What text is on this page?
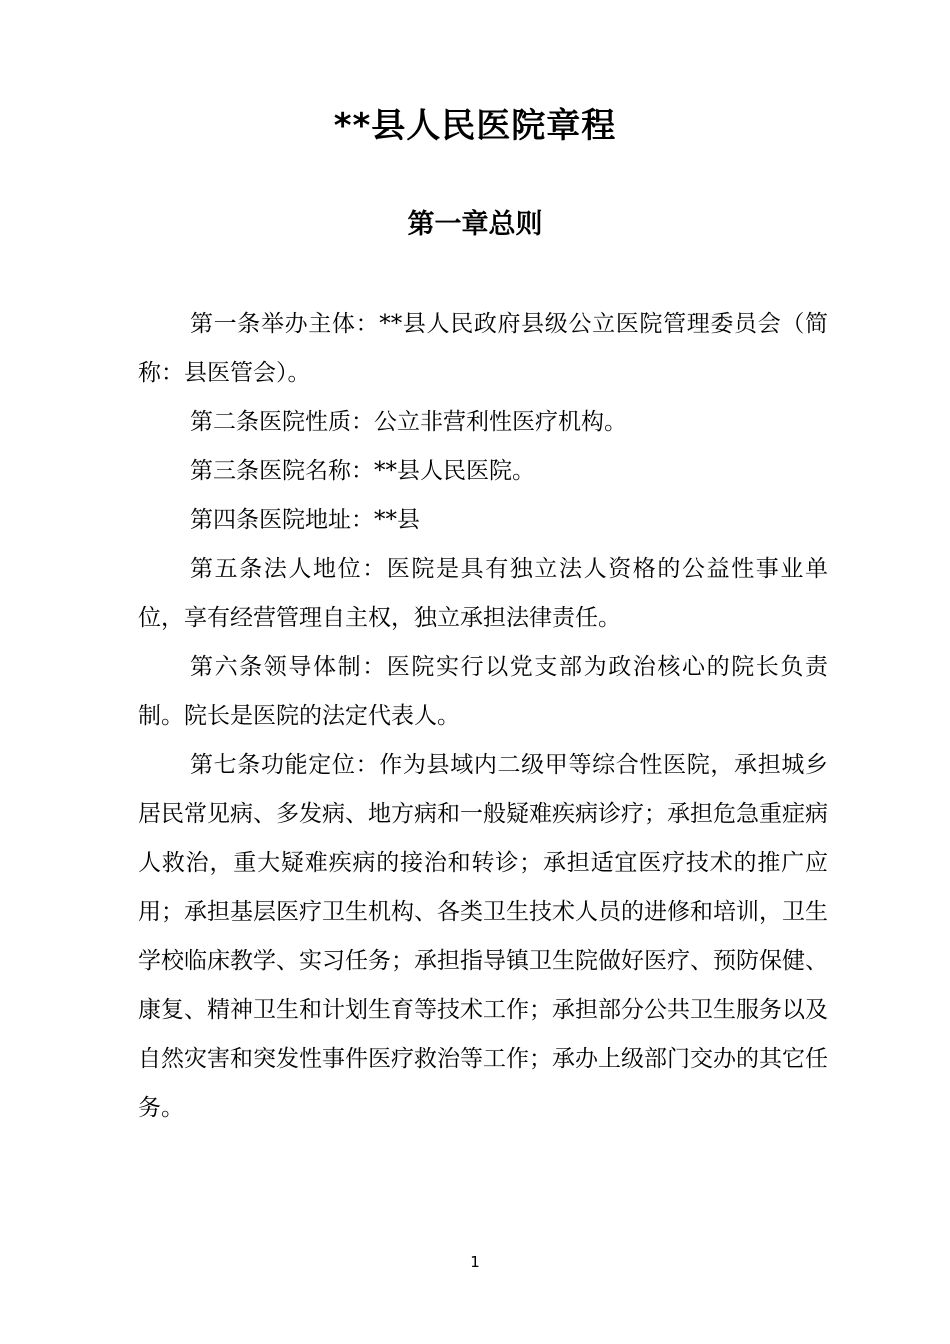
**县人民医院章程
第一章总则

第一条举办主体：**县人民政府县级公立医院管理委员会（简称：县医管会）。

第二条医院性质：公立非营利性医疗机构。

第三条医院名称：**县人民医院。

第四条医院地址：**县

第五条法人地位：医院是具有独立法人资格的公益性事业单位，享有经营管理自主权，独立承担法律责任。

第六条领导体制：医院实行以党支部为政治核心的院长负责制。院长是医院的法定代表人。

第七条功能定位：作为县域内二级甲等综合性医院，承担城乡居民常见病、多发病、地方病和一般疑难疾病诊疗；承担危急重症病人救治，重大疑难疾病的接治和转诊；承担适宜医疗技术的推广应用；承担基层医疗卫生机构、各类卫生技术人员的进修和培训，卫生学校临床教学、实习任务；承担指导镇卫生院做好医疗、预防保健、康复、精神卫生和计划生育等技术工作；承担部分公共卫生服务以及自然灾害和突发性事件医疗救治等工作；承办上级部门交办的其它任务。

1
